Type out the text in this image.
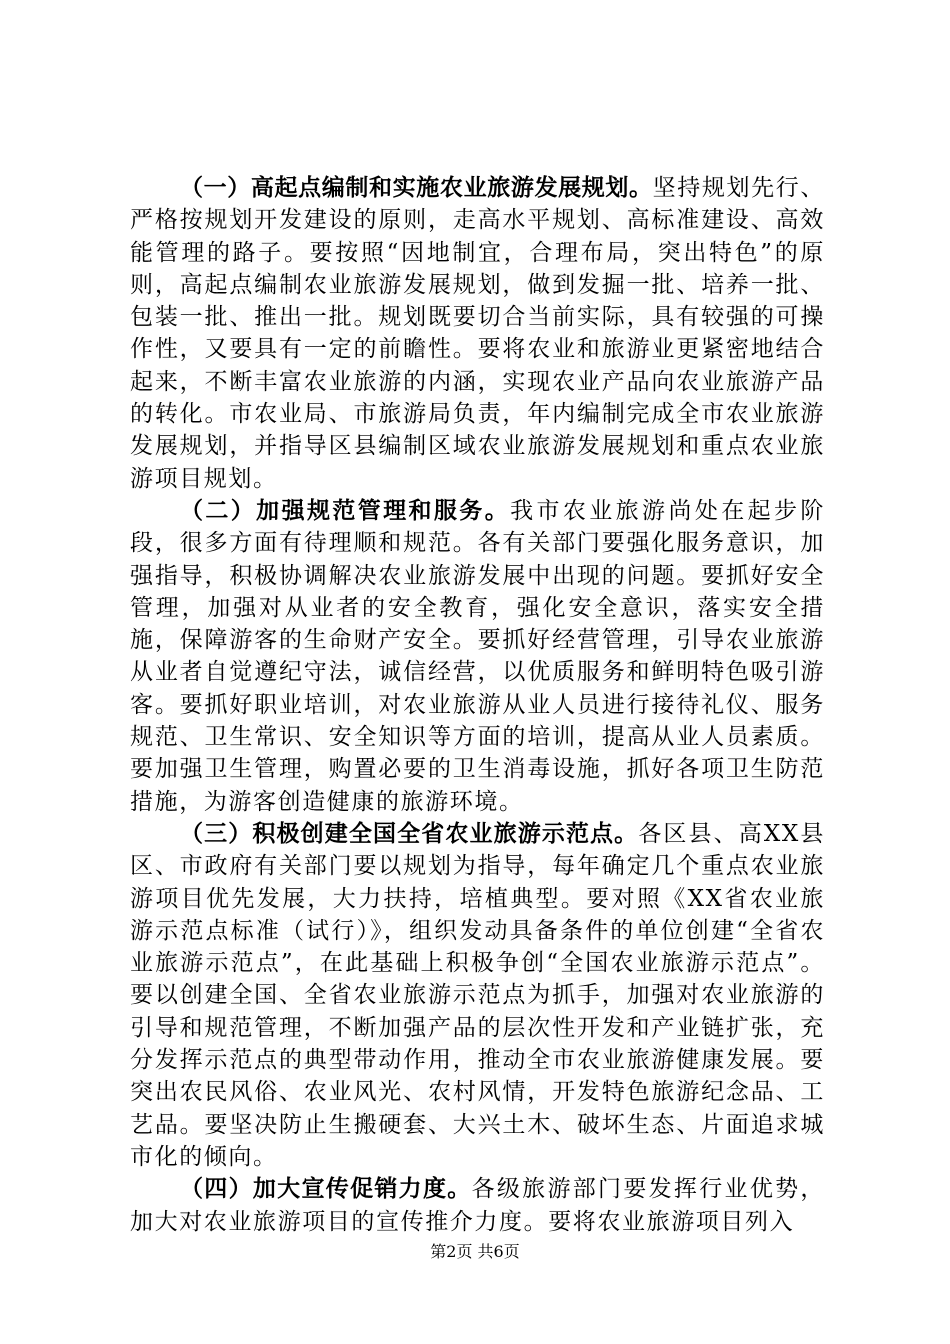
（一）高起点编制和实施农业旅游发展规划。坚持规划先行、严格按规划开发建设的原则，走高水平规划、高标准建设、高效能管理的路子。要按照“因地制宜，合理布局，突出特色”的原则，高起点编制农业旅游发展规划，做到发掘一批、培养一批、包装一批、推出一批。规划既要切合当前实际，具有较强的可操作性，又要具有一定的前瞻性。要将农业和旅游业更紧密地结合起来，不断丰富农业旅游的内涵，实现农业产品向农业旅游产品的转化。市农业局、市旅游局负责，年内编制完成全市农业旅游发展规划，并指导区县编制区域农业旅游发展规划和重点农业旅游项目规划。

（二）加强规范管理和服务。我市农业旅游尚处在起步阶段，很多方面有待理顺和规范。各有关部门要强化服务意识，加强指导，积极协调解决农业旅游发展中出现的问题。要抓好安全管理，加强对从业者的安全教育，强化安全意识，落实安全措施，保障游客的生命财产安全。要抓好经营管理，引导农业旅游从业者自觉遵纪守法，诚信经营，以优质服务和鲜明特色吸引游客。要抓好职业培训，对农业旅游从业人员进行接待礼仪、服务规范、卫生常识、安全知识等方面的培训，提高从业人员素质。要加强卫生管理，购置必要的卫生消毒设施，抓好各项卫生防范措施，为游客创造健康的旅游环境。

（三）积极创建全国全省农业旅游示范点。各区县、高XX县区、市政府有关部门要以规划为指导，每年确定几个重点农业旅游项目优先发展，大力扶持，培植典型。要对照《XX省农业旅游示范点标准（试行）》，组织发动具备条件的单位创建“全省农业旅游示范点”，在此基础上积极争创“全国农业旅游示范点”。要以创建全国、全省农业旅游示范点为抓手，加强对农业旅游的引导和规范管理，不断加强产品的层次性开发和产业链扩张，充分发挥示范点的典型带动作用，推动全市农业旅游健康发展。要突出农民风俗、农业风光、农村风情，开发特色旅游纪念品、工艺品。要坚决防止生搬硬套、大兴土木、破坏生态、片面追求城市化的倾向。

（四）加大宣传促销力度。各级旅游部门要发挥行业优势，加大对农业旅游项目的宣传推介力度。要将农业旅游项目列入

第2页 共6页
